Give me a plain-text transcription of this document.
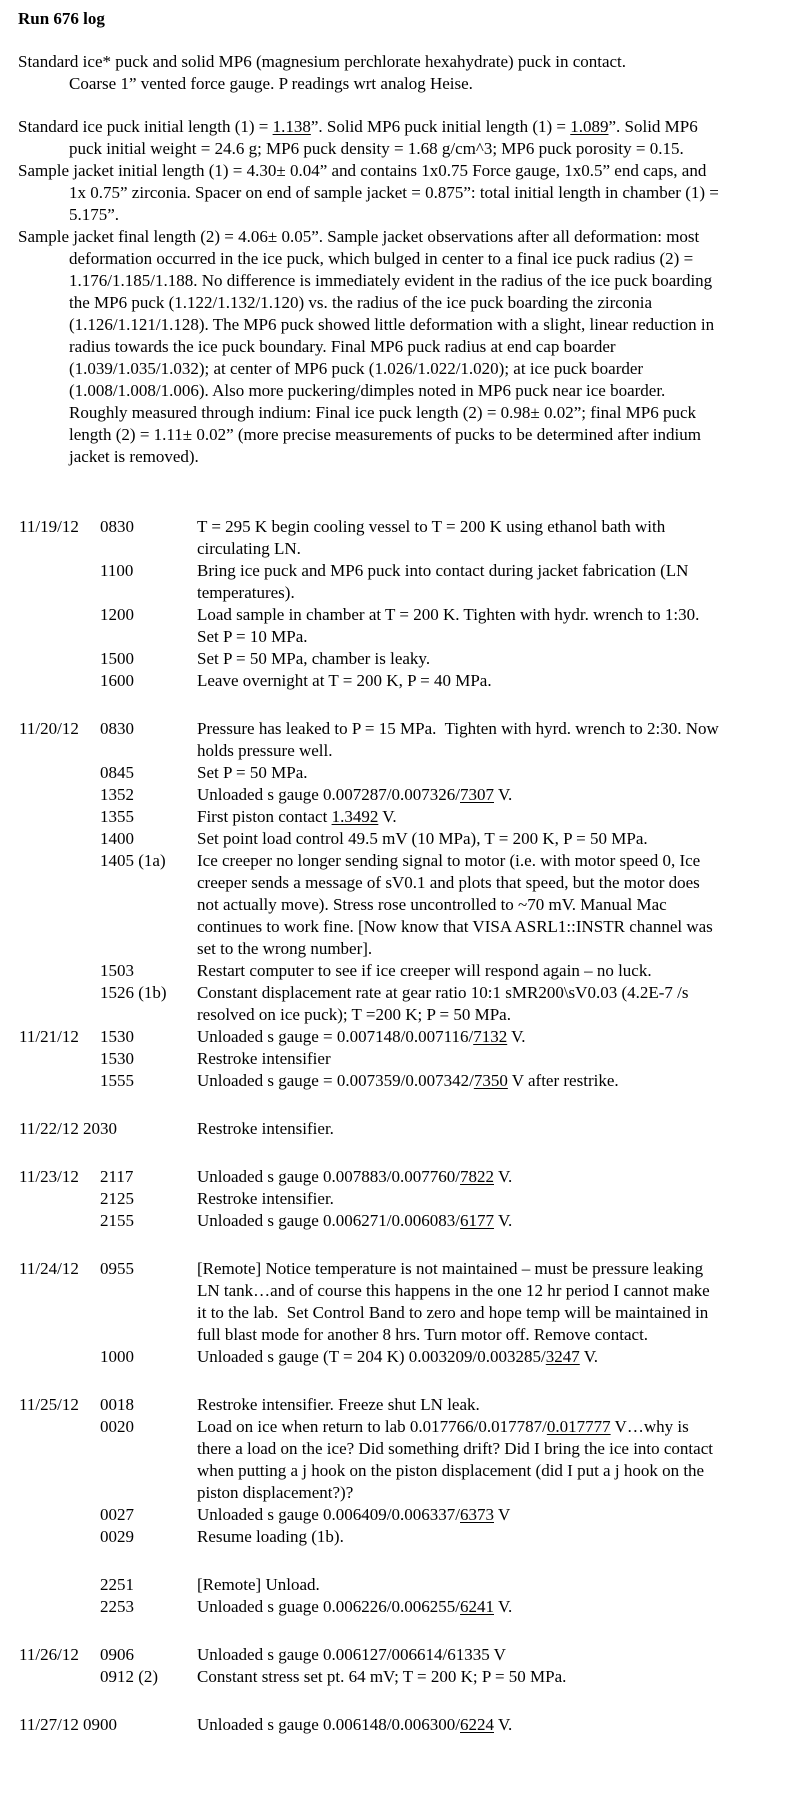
Run 676 log

Standard ice* puck and solid MP6 (magnesium perchlorate hexahydrate) puck in contact.

Coarse 1” vented force gauge. P readings wrt analog Heise.

Standard ice puck initial length (1) = 1.138”. Solid MP6 puck initial length (1) = 1.089”. Solid MP6 puck initial weight = 24.6 g; MP6 puck density = 1.68 g/cm^3; MP6 puck porosity = 0.15.

Sample jacket initial length (1) = 4.30± 0.04” and contains 1x0.75 Force gauge, 1x0.5” end caps, and 1x 0.75” zirconia. Spacer on end of sample jacket = 0.875”: total initial length in chamber (1) = 5.175”.

Sample jacket final length (2) = 4.06± 0.05”. Sample jacket observations after all deformation: most deformation occurred in the ice puck, which bulged in center to a final ice puck radius (2) = 1.176/1.185/1.188. No difference is immediately evident in the radius of the ice puck boarding the MP6 puck (1.122/1.132/1.120) vs. the radius of the ice puck boarding the zirconia (1.126/1.121/1.128). The MP6 puck showed little deformation with a slight, linear reduction in radius towards the ice puck boundary. Final MP6 puck radius at end cap boarder (1.039/1.035/1.032); at center of MP6 puck (1.026/1.022/1.020); at ice puck boarder (1.008/1.008/1.006). Also more puckering/dimples noted in MP6 puck near ice boarder. Roughly measured through indium: Final ice puck length (2) = 0.98± 0.02”; final MP6 puck length (2) = 1.11± 0.02” (more precise measurements of pucks to be determined after indium jacket is removed).

11/19/12	0830	T = 295 K begin cooling vessel to T = 200 K using ethanol bath with circulating LN.
1100	Bring ice puck and MP6 puck into contact during jacket fabrication (LN temperatures).
1200	Load sample in chamber at T = 200 K. Tighten with hydr. wrench to 1:30. Set P = 10 MPa.
1500	Set P = 50 MPa, chamber is leaky.
1600	Leave overnight at T = 200 K, P = 40 MPa.
11/20/12	0830	Pressure has leaked to P = 15 MPa.  Tighten with hyrd. wrench to 2:30. Now holds pressure well.
0845	Set P = 50 MPa.
1352	Unloaded s gauge 0.007287/0.007326/7307 V.
1355	First piston contact 1.3492 V.
1400	Set point load control 49.5 mV (10 MPa), T = 200 K, P = 50 MPa.
1405 (1a)	Ice creeper no longer sending signal to motor (i.e. with motor speed 0, Ice creeper sends a message of sV0.1 and plots that speed, but the motor does not actually move). Stress rose uncontrolled to ~70 mV. Manual Mac continues to work fine. [Now know that VISA ASRL1::INSTR channel was set to the wrong number].
1503	Restart computer to see if ice creeper will respond again – no luck.
1526 (1b)	Constant displacement rate at gear ratio 10:1 sMR200\sV0.03 (4.2E-7 /s resolved on ice puck); T =200 K; P = 50 MPa.
11/21/12	1530	Unloaded s gauge = 0.007148/0.007116/7132 V.
1530	Restroke intensifier
1555	Unloaded s gauge = 0.007359/0.007342/7350 V after restrike.
11/22/12 2030	Restroke intensifier.
11/23/12	2117	Unloaded s gauge 0.007883/0.007760/7822 V.
2125	Restroke intensifier.
2155	Unloaded s gauge 0.006271/0.006083/6177 V.
11/24/12	0955	[Remote] Notice temperature is not maintained – must be pressure leaking LN tank…and of course this happens in the one 12 hr period I cannot make it to the lab.  Set Control Band to zero and hope temp will be maintained in full blast mode for another 8 hrs. Turn motor off. Remove contact.
1000	Unloaded s gauge (T = 204 K) 0.003209/0.003285/3247 V.
11/25/12	0018	Restroke intensifier. Freeze shut LN leak.
0020	Load on ice when return to lab 0.017766/0.017787/0.017777 V…why is there a load on the ice? Did something drift? Did I bring the ice into contact when putting a j hook on the piston displacement (did I put a j hook on the piston displacement?)?
0027	Unloaded s gauge 0.006409/0.006337/6373 V
0029	Resume loading (1b).
2251	[Remote] Unload.
2253	Unloaded s guage 0.006226/0.006255/6241 V.
11/26/12	0906	Unloaded s gauge 0.006127/006614/61335 V
0912 (2)	Constant stress set pt. 64 mV; T = 200 K; P = 50 MPa.
11/27/12 0900	Unloaded s gauge 0.006148/0.006300/6224 V.
